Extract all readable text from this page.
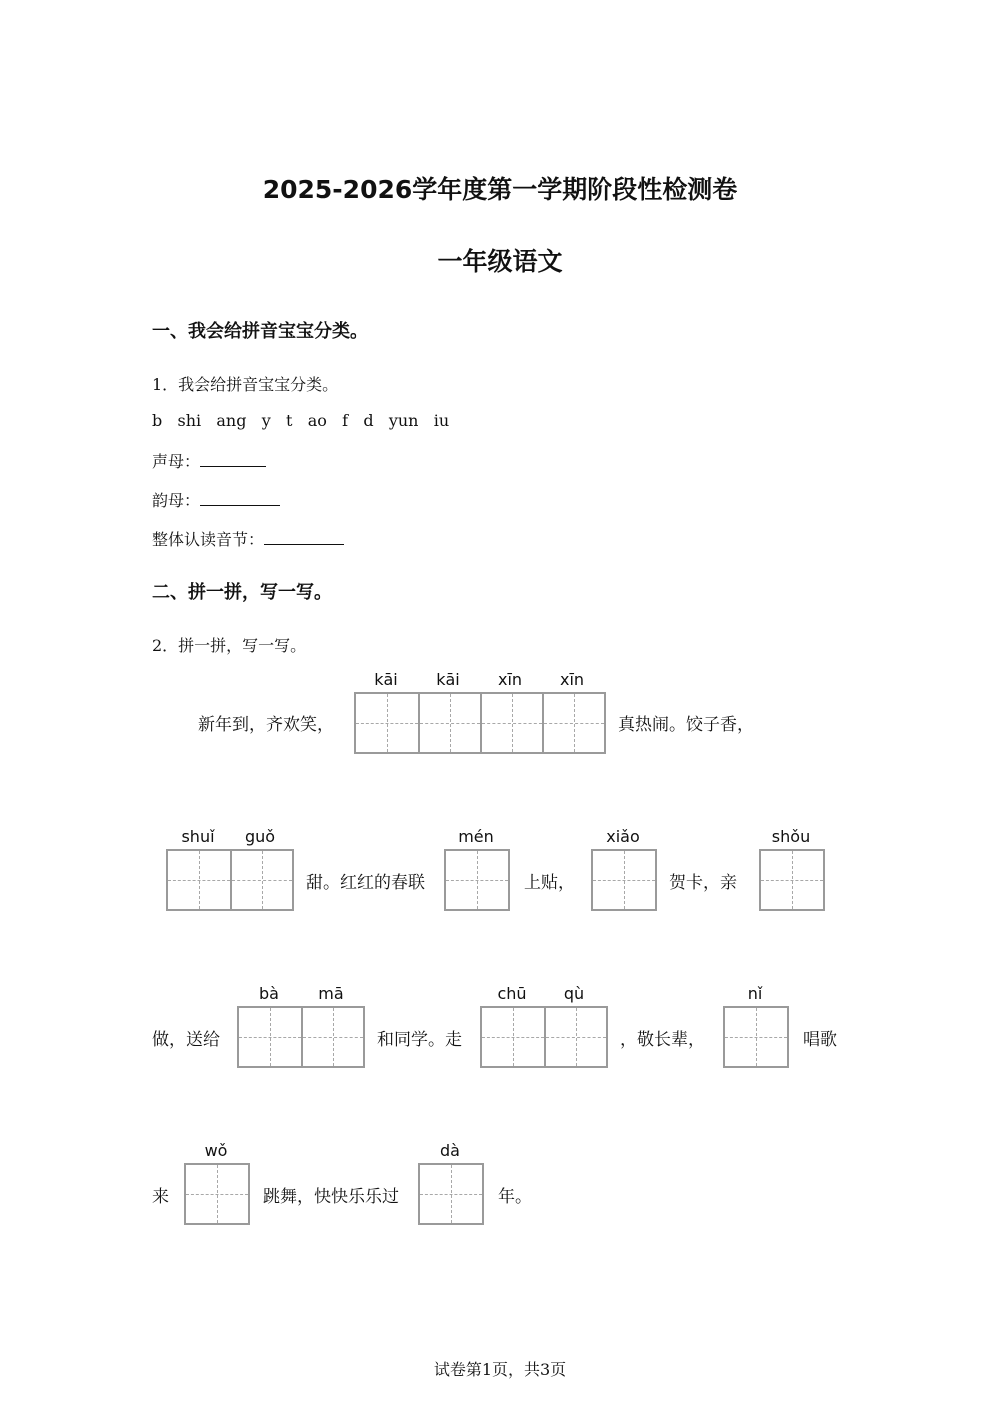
2025-2026学年度第一学期阶段性检测卷
一年级语文
一、我会给拼音宝宝分类。
1．我会给拼音宝宝分类。
b   shi   ang   y   t   ao   f   d   yun   iu
声母：
韵母：
整体认读音节：
二、拼一拼，写一写。
2．拼一拼，写一写。
新年到，齐欢笑，
kāi	kāi	xīn	xīn
真热闹。饺子香，
shuǐ	guǒ
甜。红红的春联
mén
上贴，
xiǎo
贺卡，亲
shǒu
做，送给
bà	mā
和同学。走
chū	qù
，敬长辈，
nǐ
唱歌
来
wǒ
跳舞，快快乐乐过
dà
年。
试卷第1页，共3页
